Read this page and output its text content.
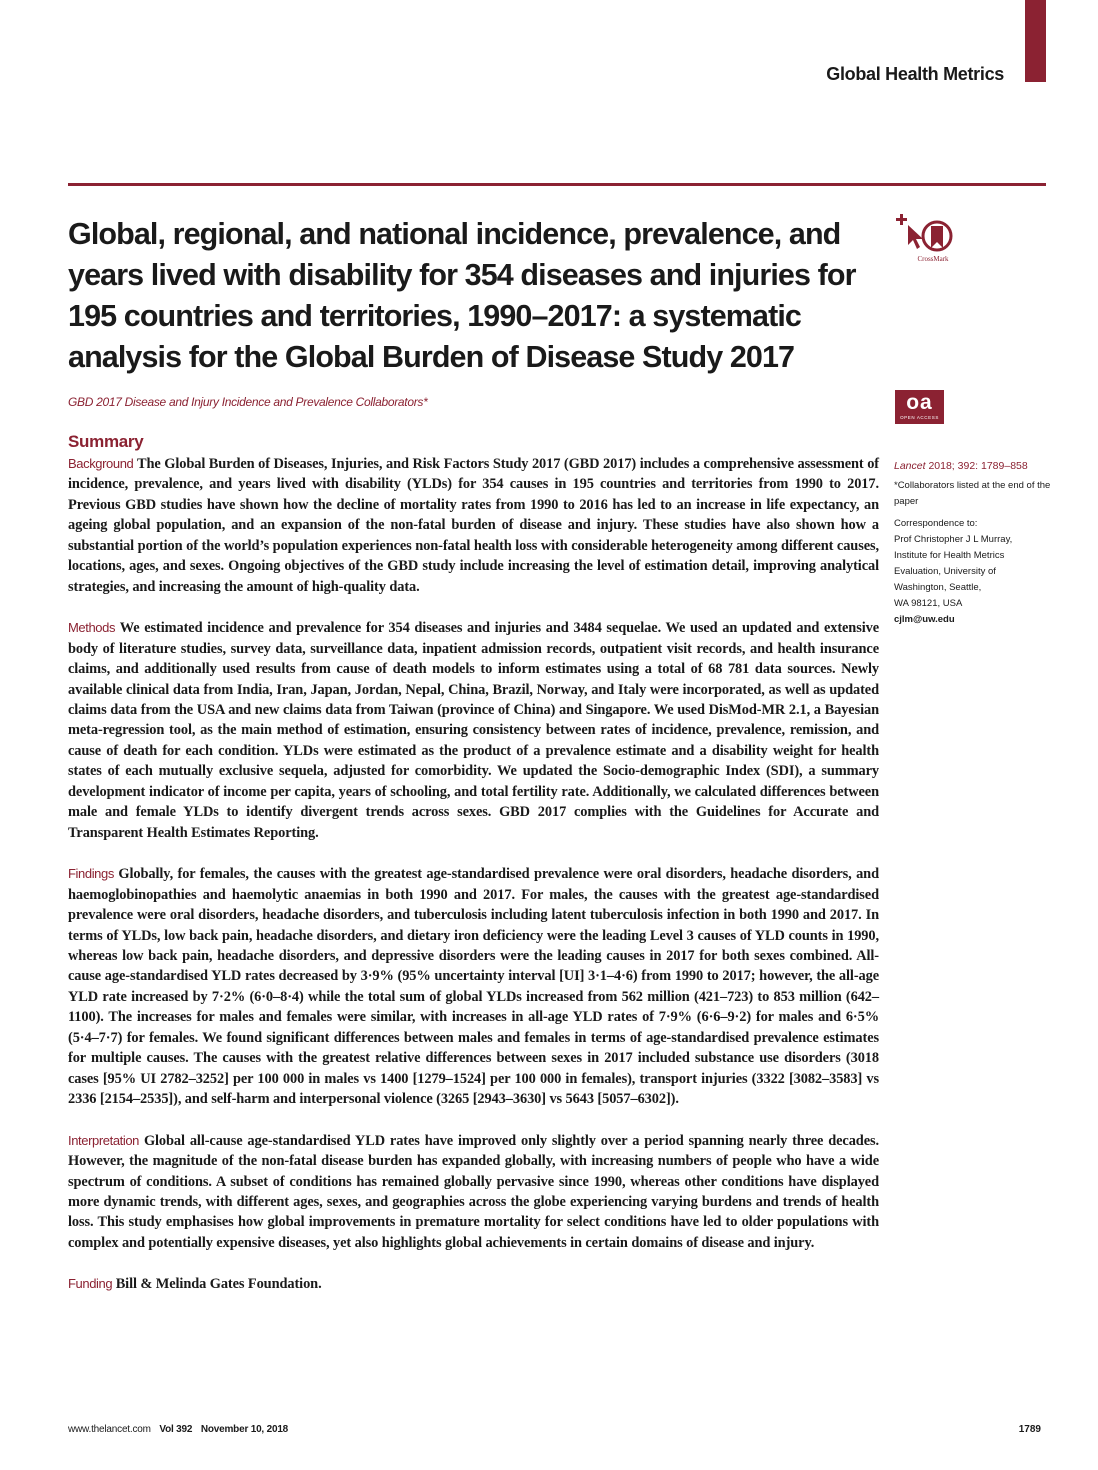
Global Health Metrics
Global, regional, and national incidence, prevalence, and years lived with disability for 354 diseases and injuries for 195 countries and territories, 1990–2017: a systematic analysis for the Global Burden of Disease Study 2017
GBD 2017 Disease and Injury Incidence and Prevalence Collaborators*
CrossMark
oa
OPEN ACCESS
Lancet 2018; 392: 1789–858

*Collaborators listed at the end of the paper

Correspondence to:
Prof Christopher J L Murray,
Institute for Health Metrics
Evaluation, University of
Washington, Seattle,
WA 98121, USA
cjlm@uw.edu

Summary

Background The Global Burden of Diseases, Injuries, and Risk Factors Study 2017 (GBD 2017) includes a comprehensive assessment of incidence, prevalence, and years lived with disability (YLDs) for 354 causes in 195 countries and territories from 1990 to 2017. Previous GBD studies have shown how the decline of mortality rates from 1990 to 2016 has led to an increase in life expectancy, an ageing global population, and an expansion of the non-fatal burden of disease and injury. These studies have also shown how a substantial portion of the world’s population experiences non-fatal health loss with considerable heterogeneity among different causes, locations, ages, and sexes. Ongoing objectives of the GBD study include increasing the level of estimation detail, improving analytical strategies, and increasing the amount of high-quality data.

Methods We estimated incidence and prevalence for 354 diseases and injuries and 3484 sequelae. We used an updated and extensive body of literature studies, survey data, surveillance data, inpatient admission records, outpatient visit records, and health insurance claims, and additionally used results from cause of death models to inform estimates using a total of 68 781 data sources. Newly available clinical data from India, Iran, Japan, Jordan, Nepal, China, Brazil, Norway, and Italy were incorporated, as well as updated claims data from the USA and new claims data from Taiwan (province of China) and Singapore. We used DisMod-MR 2.1, a Bayesian meta-regression tool, as the main method of estimation, ensuring consistency between rates of incidence, prevalence, remission, and cause of death for each condition. YLDs were estimated as the product of a prevalence estimate and a disability weight for health states of each mutually exclusive sequela, adjusted for comorbidity. We updated the Socio-demographic Index (SDI), a summary development indicator of income per capita, years of schooling, and total fertility rate. Additionally, we calculated differences between male and female YLDs to identify divergent trends across sexes. GBD 2017 complies with the Guidelines for Accurate and Transparent Health Estimates Reporting.

Findings Globally, for females, the causes with the greatest age-standardised prevalence were oral disorders, headache disorders, and haemoglobinopathies and haemolytic anaemias in both 1990 and 2017. For males, the causes with the greatest age-standardised prevalence were oral disorders, headache disorders, and tuberculosis including latent tuberculosis infection in both 1990 and 2017. In terms of YLDs, low back pain, headache disorders, and dietary iron deficiency were the leading Level 3 causes of YLD counts in 1990, whereas low back pain, headache disorders, and depressive disorders were the leading causes in 2017 for both sexes combined. All-cause age-standardised YLD rates decreased by 3·9% (95% uncertainty interval [UI] 3·1–4·6) from 1990 to 2017; however, the all-age YLD rate increased by 7·2% (6·0–8·4) while the total sum of global YLDs increased from 562 million (421–723) to 853 million (642–1100). The increases for males and females were similar, with increases in all-age YLD rates of 7·9% (6·6–9·2) for males and 6·5% (5·4–7·7) for females. We found significant differences between males and females in terms of age-standardised prevalence estimates for multiple causes. The causes with the greatest relative differences between sexes in 2017 included substance use disorders (3018 cases [95% UI 2782–3252] per 100 000 in males vs 1400 [1279–1524] per 100 000 in females), transport injuries (3322 [3082–3583] vs 2336 [2154–2535]), and self-harm and interpersonal violence (3265 [2943–3630] vs 5643 [5057–6302]).

Interpretation Global all-cause age-standardised YLD rates have improved only slightly over a period spanning nearly three decades. However, the magnitude of the non-fatal disease burden has expanded globally, with increasing numbers of people who have a wide spectrum of conditions. A subset of conditions has remained globally pervasive since 1990, whereas other conditions have displayed more dynamic trends, with different ages, sexes, and geographies across the globe experiencing varying burdens and trends of health loss. This study emphasises how global improvements in premature mortality for select conditions have led to older populations with complex and potentially expensive diseases, yet also highlights global achievements in certain domains of disease and injury.

Funding Bill & Melinda Gates Foundation.

www.thelancet.com Vol 392 November 10, 2018	1789
